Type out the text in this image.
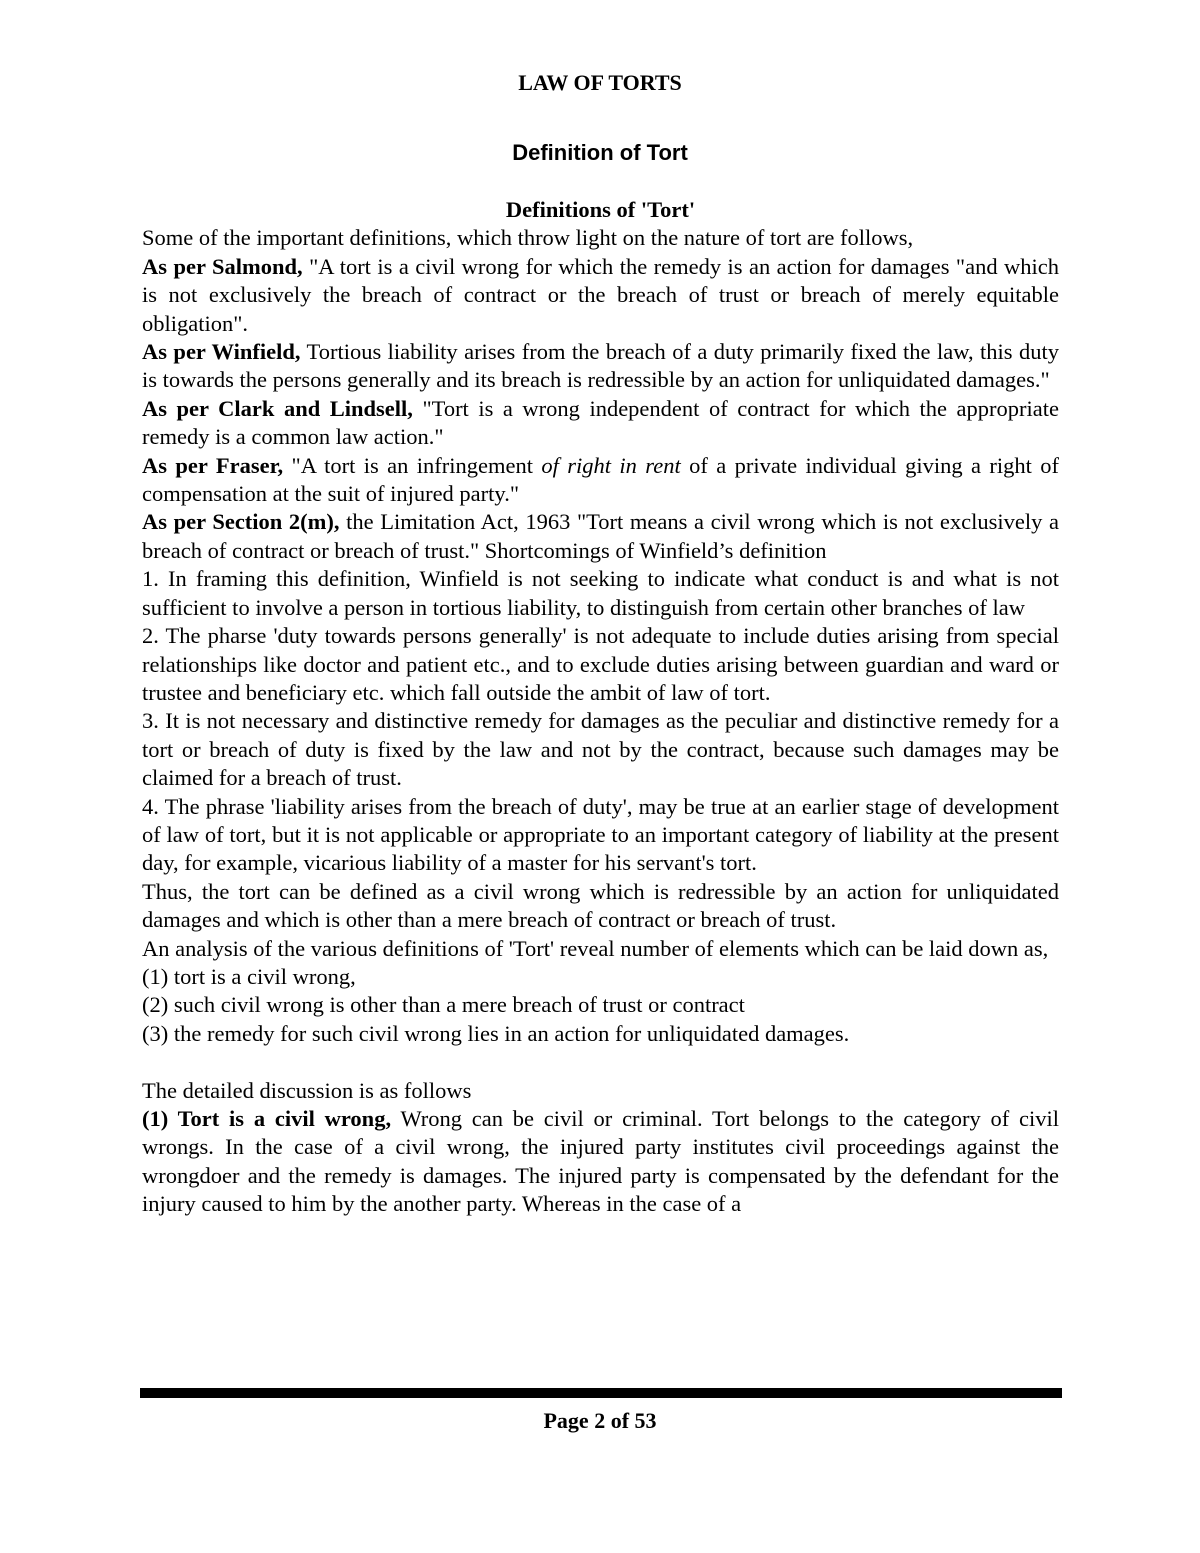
LAW OF TORTS
Definition of Tort

Definitions of 'Tort'

Some of the important definitions, which throw light on the nature of tort are follows,

As per Salmond, "A tort is a civil wrong for which the remedy is an action for damages "and which is not exclusively the breach of contract or the breach of trust or breach of merely equitable obligation".

As per Winfield, Tortious liability arises from the breach of a duty primarily fixed the law, this duty is towards the persons generally and its breach is redressible by an action for unliquidated damages."

As per Clark and Lindsell, "Tort is a wrong independent of contract for which the appropriate remedy is a common law action."

As per Fraser, "A tort is an infringement of right in rent of a private individual giving a right of compensation at the suit of injured party."

As per Section 2(m), the Limitation Act, 1963 "Tort means a civil wrong which is not exclusively a breach of contract or breach of trust." Shortcomings of Winfield’s definition

1. In framing this definition, Winfield is not seeking to indicate what conduct is and what is not sufficient to involve a person in tortious liability, to distinguish from certain other branches of law

2. The pharse 'duty towards persons generally' is not adequate to include duties arising from special relationships like doctor and patient etc., and to exclude duties arising between guardian and ward or trustee and beneficiary etc. which fall outside the ambit of law of tort.

3. It is not necessary and distinctive remedy for damages as the peculiar and distinctive remedy for a tort or breach of duty is fixed by the law and not by the contract, because such damages may be claimed for a breach of trust.

4. The phrase 'liability arises from the breach of duty', may be true at an earlier stage of development of law of tort, but it is not applicable or appropriate to an important category of liability at the present day, for example, vicarious liability of a master for his servant's tort.

Thus, the tort can be defined as a civil wrong which is redressible by an action for unliquidated damages and which is other than a mere breach of contract or breach of trust.

An analysis of the various definitions of 'Tort' reveal number of elements which can be laid down as,

(1) tort is a civil wrong,

(2) such civil wrong is other than a mere breach of trust or contract

(3) the remedy for such civil wrong lies in an action for unliquidated damages.

The detailed discussion is as follows

(1) Tort is a civil wrong, Wrong can be civil or criminal. Tort belongs to the category of civil wrongs. In the case of a civil wrong, the injured party institutes civil proceedings against the wrongdoer and the remedy is damages. The injured party is compensated by the defendant for the injury caused to him by the another party. Whereas in the case of a

Page 2 of 53
